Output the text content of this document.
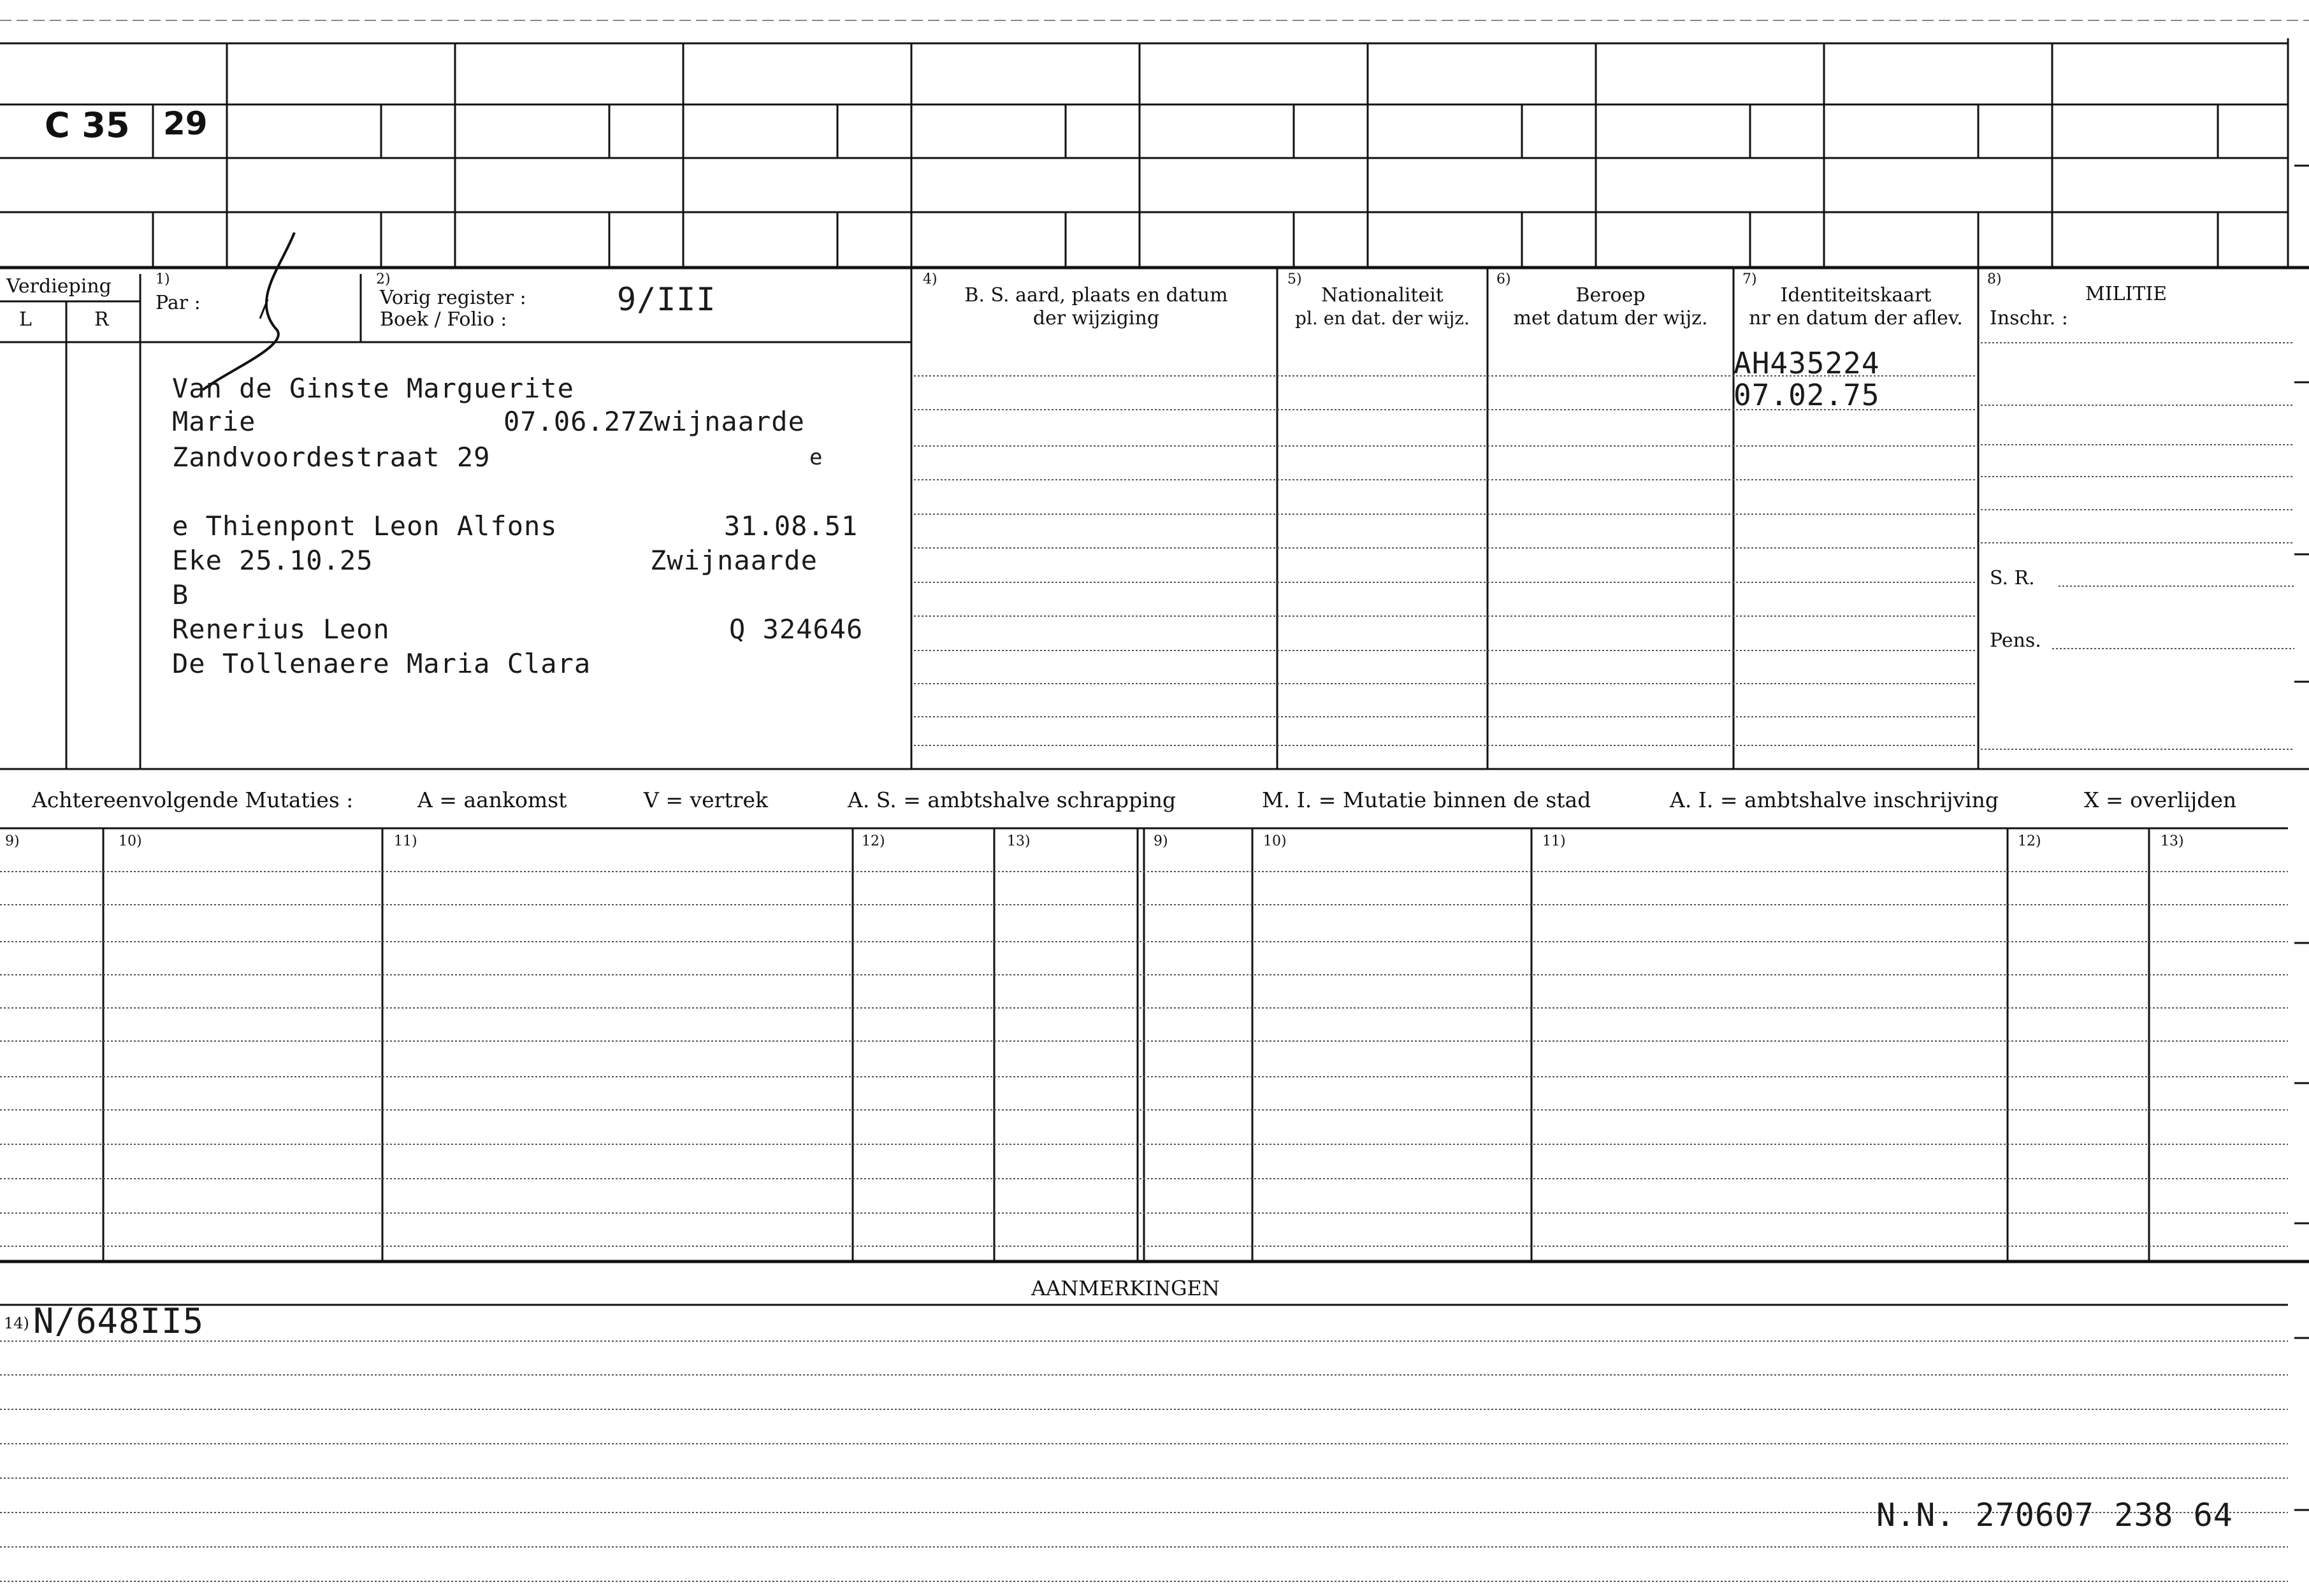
C 35 29
Verdieping
L	R
1)
Par :
2)
Vorig register :
Boek / Folio :
9/III
4)
B. S. aard, plaats en datum
der wijziging
5)
Nationaliteit
pl. en dat. der wijz.
6)
Beroep
met datum der wijz.
7)
Identiteitskaart
nr en datum der aflev.
8)
MILITIE
Inschr. :
S. R.
Pens.
Van de Ginste Marguerite
Marie	07.06.27 Zwijnaarde
Zandvoordestraat 29	e
e Thienpont Leon Alfons	31.08.51
Eke 25.10.25	Zwijnaarde
B
Renerius Leon	Q 324646
De Tollenaere Maria Clara
AH435224
07.02.75
Achtereenvolgende Mutaties :	A = aankomst	V = vertrek	A. S. = ambtshalve schrapping	M. I. = Mutatie binnen de stad	A. I. = ambtshalve inschrijving	X = overlijden
9)	10)	11)	12)	13)	9)	10)	11)	12)	13)
AANMERKINGEN
14) N/648II5
N.N. 270607 238 64
